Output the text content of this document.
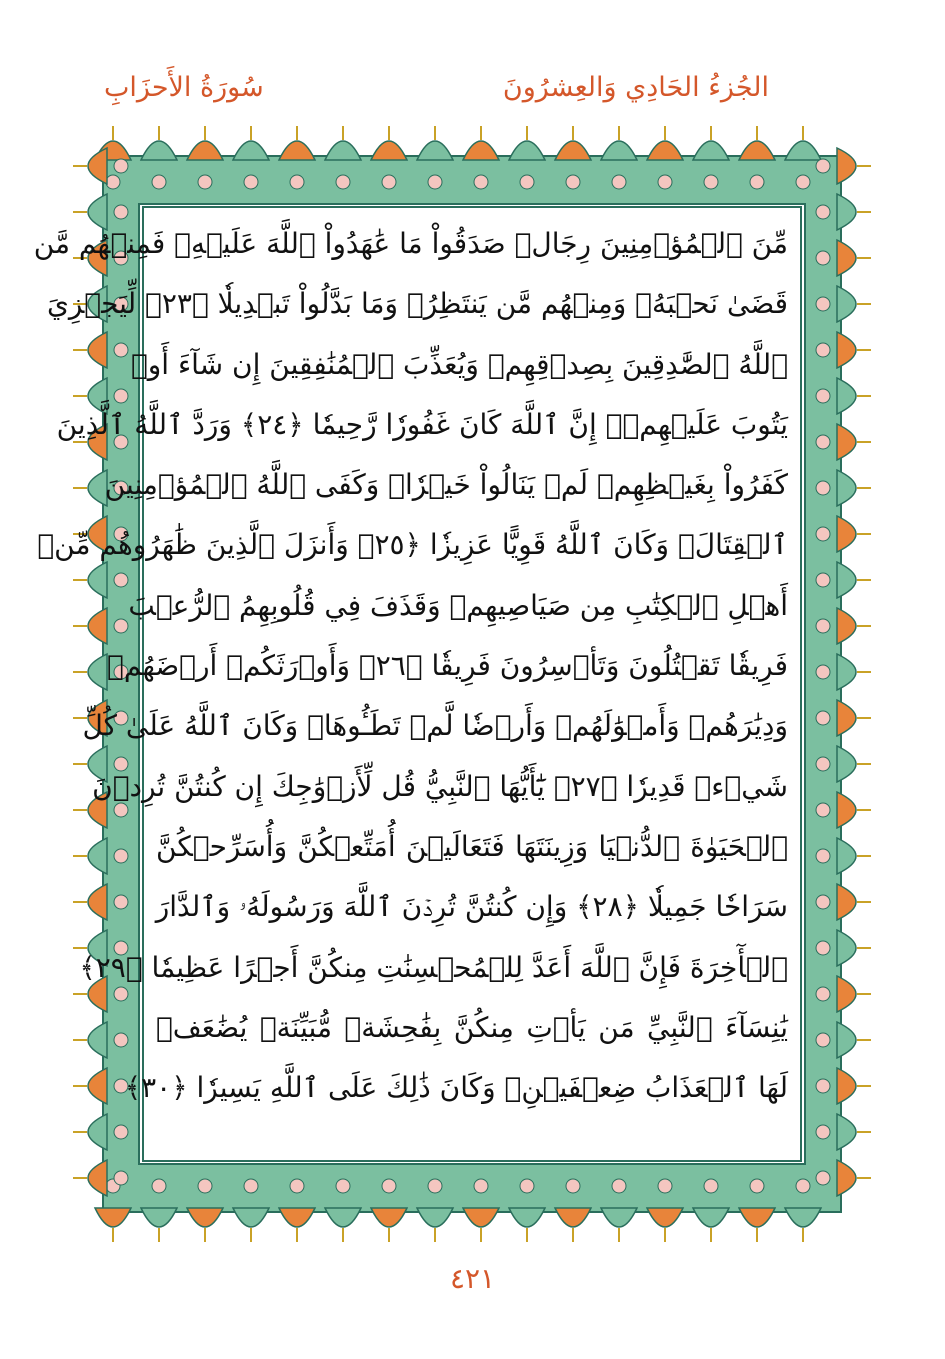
الجُزءُ الحَادِي وَالعِشرُونَ
سُورَةُ الأَحزَابِ
مِّنَ ٱلۡمُؤۡمِنِينَ رِجَالٞ صَدَقُواْ مَا عَٰهَدُواْ ٱللَّهَ عَلَيۡهِۖ فَمِنۡهُم مَّن
قَضَىٰ نَحۡبَهُۥ وَمِنۡهُم مَّن يَنتَظِرُۖ وَمَا بَدَّلُواْ تَبۡدِيلٗا ﴿٢٣﴾ لِّيَجۡزِيَ
ٱللَّهُ ٱلصَّٰدِقِينَ بِصِدۡقِهِمۡ وَيُعَذِّبَ ٱلۡمُنَٰفِقِينَ إِن شَآءَ أَوۡ
يَتُوبَ عَلَيۡهِمۡۚ إِنَّ ٱللَّهَ كَانَ غَفُورٗا رَّحِيمٗا ﴿٢٤﴾ وَرَدَّ ٱللَّهُ ٱلَّذِينَ
كَفَرُواْ بِغَيۡظِهِمۡ لَمۡ يَنَالُواْ خَيۡرٗاۚ وَكَفَى ٱللَّهُ ٱلۡمُؤۡمِنِينَ
ٱلۡقِتَالَۚ وَكَانَ ٱللَّهُ قَوِيًّا عَزِيزٗا ﴿٢٥﴾ وَأَنزَلَ ٱلَّذِينَ ظَٰهَرُوهُم مِّنۡ
أَهۡلِ ٱلۡكِتَٰبِ مِن صَيَاصِيهِمۡ وَقَذَفَ فِي قُلُوبِهِمُ ٱلرُّعۡبَ
فَرِيقٗا تَقۡتُلُونَ وَتَأۡسِرُونَ فَرِيقٗا ﴿٢٦﴾ وَأَوۡرَثَكُمۡ أَرۡضَهُمۡ
وَدِيَٰرَهُمۡ وَأَمۡوَٰلَهُمۡ وَأَرۡضٗا لَّمۡ تَطَـُٔوهَاۚ وَكَانَ ٱللَّهُ عَلَىٰ كُلِّ
شَيۡءٖ قَدِيرٗا ﴿٢٧﴾ يَٰٓأَيُّهَا ٱلنَّبِيُّ قُل لِّأَزۡوَٰجِكَ إِن كُنتُنَّ تُرِدۡنَ
ٱلۡحَيَوٰةَ ٱلدُّنۡيَا وَزِينَتَهَا فَتَعَالَيۡنَ أُمَتِّعۡكُنَّ وَأُسَرِّحۡكُنَّ
سَرَاحٗا جَمِيلٗا ﴿٢٨﴾ وَإِن كُنتُنَّ تُرِدۡنَ ٱللَّهَ وَرَسُولَهُۥ وَٱلدَّارَ
ٱلۡأٓخِرَةَ فَإِنَّ ٱللَّهَ أَعَدَّ لِلۡمُحۡسِنَٰتِ مِنكُنَّ أَجۡرًا عَظِيمٗا ﴿٢٩﴾
يَٰنِسَآءَ ٱلنَّبِيِّ مَن يَأۡتِ مِنكُنَّ بِفَٰحِشَةٖ مُّبَيِّنَةٖ يُضَٰعَفۡ
لَهَا ٱلۡعَذَابُ ضِعۡفَيۡنِۚ وَكَانَ ذَٰلِكَ عَلَى ٱللَّهِ يَسِيرٗا ﴿٣٠﴾
٤٢١
